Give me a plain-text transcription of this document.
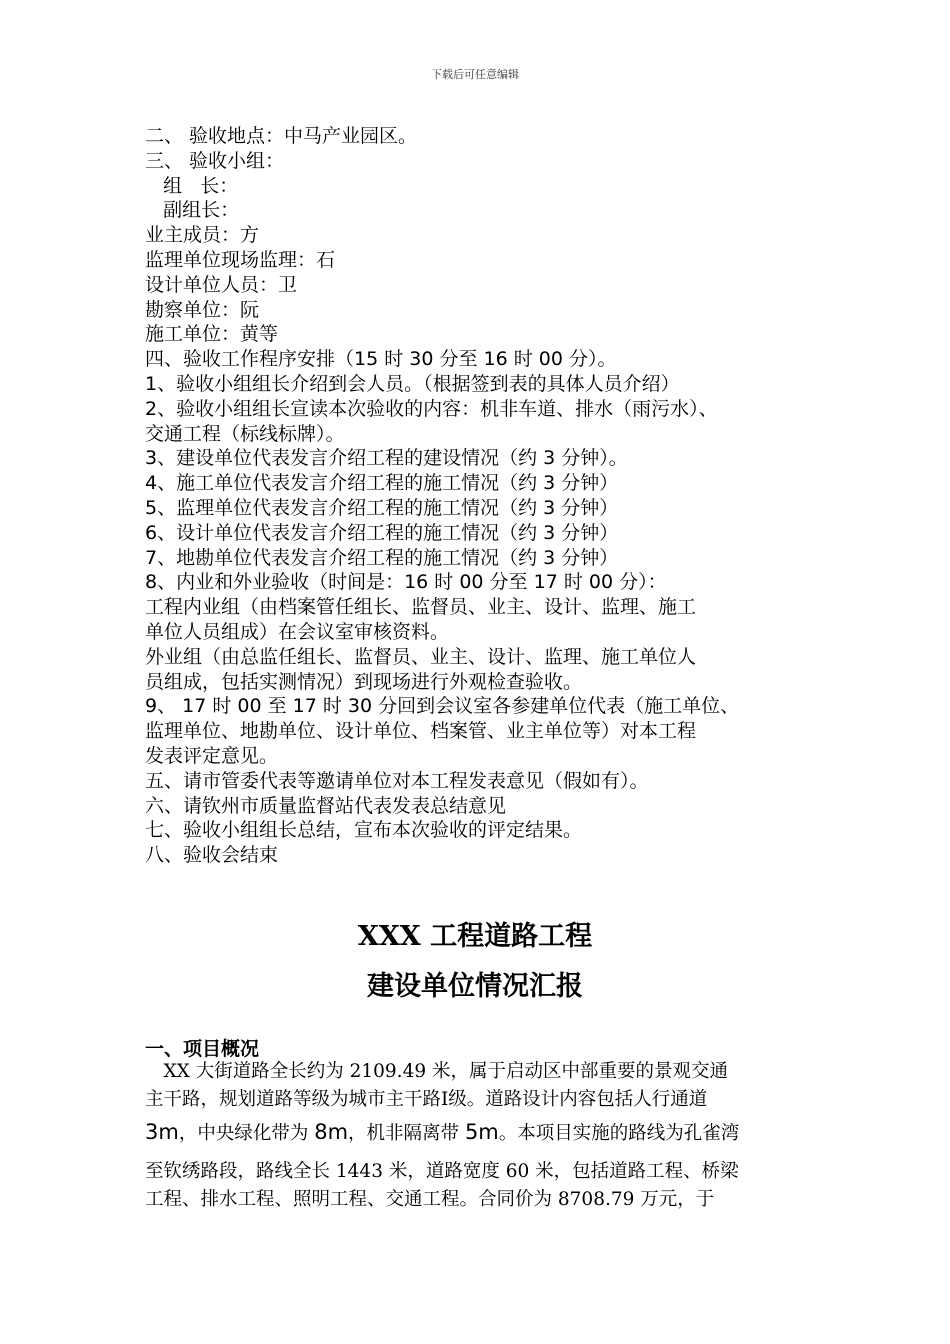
下载后可任意编辑
二、 验收地点：中马产业园区。
三、 验收小组：
组   长：
副组长：
业主成员：方
监理单位现场监理：石
设计单位人员：卫
勘察单位：阮
施工单位：黄等
四、验收工作程序安排（15 时 30 分至 16 时 00 分）。
1、验收小组组长介绍到会人员。（根据签到表的具体人员介绍）
2、验收小组组长宣读本次验收的内容：机非车道、排水（雨污水）、
交通工程（标线标牌）。
3、建设单位代表发言介绍工程的建设情况（约 3 分钟）。
4、施工单位代表发言介绍工程的施工情况（约 3 分钟）
5、监理单位代表发言介绍工程的施工情况（约 3 分钟）
6、设计单位代表发言介绍工程的施工情况（约 3 分钟）
7、地勘单位代表发言介绍工程的施工情况（约 3 分钟）
8、内业和外业验收（时间是：16 时 00 分至 17 时 00 分）：
工程内业组（由档案管任组长、监督员、业主、设计、监理、施工
单位人员组成）在会议室审核资料。
外业组（由总监任组长、监督员、业主、设计、监理、施工单位人
员组成，包括实测情况）到现场进行外观检查验收。
9、 17 时 00 至 17 时 30 分回到会议室各参建单位代表（施工单位、
监理单位、地勘单位、设计单位、档案管、业主单位等）对本工程
发表评定意见。
五、请市管委代表等邀请单位对本工程发表意见（假如有）。
六、请钦州市质量监督站代表发表总结意见
七、验收小组组长总结，宣布本次验收的评定结果。
八、验收会结束
XXX 工程道路工程
建设单位情况汇报
一、项目概况
　XX 大街道路全长约为 2109.49 米，属于启动区中部重要的景观交通
主干路，规划道路等级为城市主干路Ⅰ级。道路设计内容包括人行通道
3m，中央绿化带为 8m，机非隔离带 5m。本项目实施的路线为孔雀湾
至钦绣路段，路线全长 1443 米，道路宽度 60 米，包括道路工程、桥梁
工程、排水工程、照明工程、交通工程。合同价为 8708.79 万元，于
